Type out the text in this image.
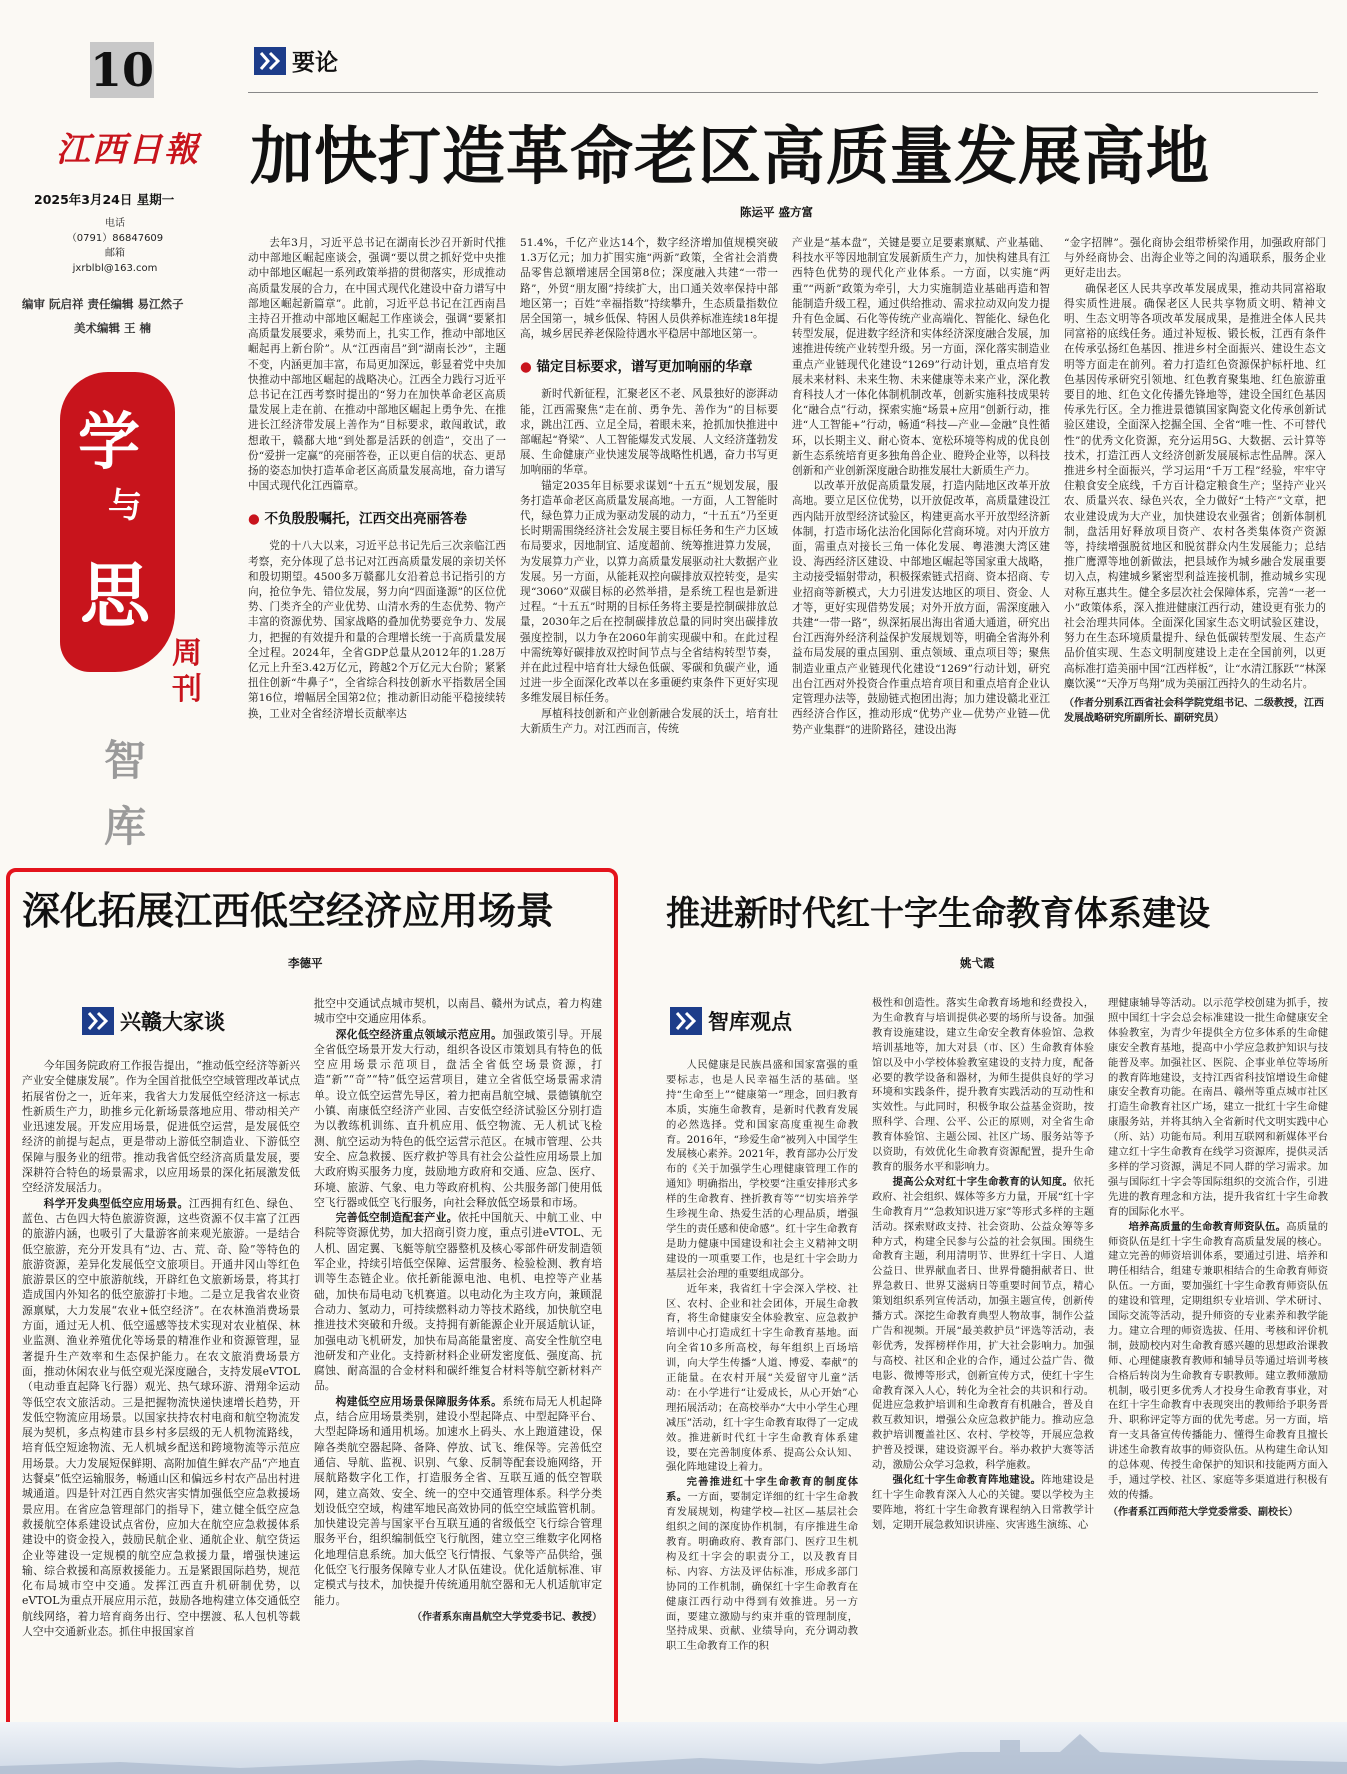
10
江西日報
2025年3月24日 星期一
电话
（0791）86847609
邮箱
jxrblbl@163.com
编审 阮启祥 责任编辑 易江然子
美术编辑 王 楠
学
与
思
周
刊
智
库
要论
加快打造革命老区高质量发展高地
陈运平 盛方富

去年3月，习近平总书记在湖南长沙召开新时代推动中部地区崛起座谈会，强调“要以贯之抓好党中央推动中部地区崛起一系列政策举措的贯彻落实，形成推动高质量发展的合力，在中国式现代化建设中奋力谱写中部地区崛起新篇章”。此前，习近平总书记在江西南昌主持召开推动中部地区崛起工作座谈会，强调“要紧扣高质量发展要求，乘势而上，扎实工作，推动中部地区崛起再上新台阶”。从“江西南昌”到“湖南长沙”，主题不变，内涵更加丰富，布局更加深远，彰显着党中央加快推动中部地区崛起的战略决心。江西全力践行习近平总书记在江西考察时提出的“努力在加快革命老区高质量发展上走在前、在推动中部地区崛起上勇争先、在推进长江经济带发展上善作为”目标要求，敢闯敢试，敢想敢干，赣鄱大地“到处都是活跃的创造”，交出了一份“爱拼一定赢”的亮丽答卷，正以更自信的状态、更昂扬的姿态加快打造革命老区高质量发展高地，奋力谱写中国式现代化江西篇章。

● 不负殷殷嘱托，江西交出亮丽答卷

党的十八大以来，习近平总书记先后三次亲临江西考察，充分体现了总书记对江西高质量发展的亲切关怀和殷切期望。4500多万赣鄱儿女沿着总书记指引的方向，抢位争先、错位发展，努力向“四面逢源”的区位优势、门类齐全的产业优势、山清水秀的生态优势、物产丰富的资源优势、国家战略的叠加优势要竞争力、发展力，把握的有效提升和量的合理增长统一于高质量发展全过程。2024年，全省GDP总量从2012年的1.28万亿元上升至3.42万亿元，跨越2个万亿元大台阶；紧紧扭住创新“牛鼻子”，全省综合科技创新水平指数居全国第16位，增幅居全国第2位；推动新旧动能平稳接续转换，工业对全省经济增长贡献率达

51.4%，千亿产业达14个，数字经济增加值规模突破1.3万亿元；加力扩围实施“两新”政策，全省社会消费品零售总额增速居全国第8位；深度融入共建“一带一路”，外贸“朋友圈”持续扩大，出口通关效率保持中部地区第一；百姓“幸福指数”持续攀升，生态质量指数位居全国第一，城乡低保、特困人员供养标准连续18年提高，城乡居民养老保险待遇水平稳居中部地区第一。

● 锚定目标要求，谱写更加响丽的华章

新时代新征程，汇聚老区不老、风景独好的澎湃动能，江西需聚焦“走在前、勇争先、善作为”的目标要求，跳出江西、立足全局，着眼未来，抢抓加快推进中部崛起“脊梁”、人工智能爆发式发展、人文经济蓬勃发展、生命健康产业快速发展等战略性机遇，奋力书写更加响丽的华章。
锚定2035年目标要求谋划“十五五”规划发展，服务打造革命老区高质量发展高地。一方面，人工智能时代，绿色算力正成为驱动发展的动力，“十五五”乃至更长时期需围绕经济社会发展主要目标任务和生产力区域布局要求，因地制宜、适度超前、统筹推进算力发展，为发展算力产业，以算力高质量发展驱动社大数据产业发展。另一方面，从能耗双控向碳排放双控转变，是实现“3060”双碳目标的必然举措，是系统工程也是新进过程。“十五五”时期的目标任务将主要是控制碳排放总量，2030年之后在控制碳排放总量的同时突出碳排放强度控制，以力争在2060年前实现碳中和。在此过程中需统筹好碳排放双控时间节点与全省结构转型节奏，并在此过程中培育壮大绿色低碳、零碳和负碳产业，通过进一步全面深化改革以在多重硬约束条件下更好实现多维发展目标任务。
厚植科技创新和产业创新融合发展的沃土，培育壮大新质生产力。对江西而言，传统

产业是“基本盘”，关键是要立足要素禀赋、产业基础、科技水平等因地制宜发展新质生产力，加快构建具有江西特色优势的现代化产业体系。一方面，以实施“两重”“两新”政策为牵引，大力实施制造业基础再造和智能制造升级工程，通过供给推动、需求拉动双向发力提升有色金属、石化等传统产业高端化、智能化、绿色化转型发展，促进数字经济和实体经济深度融合发展，加速推进传统产业转型升级。另一方面，深化落实制造业重点产业链现代化建设“1269”行动计划，重点培育发展未来材料、未来生物、未来健康等未来产业，深化教育科技人才一体化体制机制改革，创新实施科技成果转化“融合点”行动，探索实施“场景+应用”创新行动，推进“人工智能+”行动，畅通“科技—产业—金融”良性循环，以长期主义、耐心资本、宽松环境等构成的优良创新生态系统培育更多独角兽企业、瞪羚企业等，以科技创新和产业创新深度融合助推发展壮大新质生产力。
以改革开放促高质量发展，打造内陆地区改革开放高地。要立足区位优势，以开放促改革，高质量建设江西内陆开放型经济试验区，构建更高水平开放型经济新体制，打造市场化法治化国际化营商环境。对内开放方面，需重点对接长三角一体化发展、粤港澳大湾区建设、海西经济区建设、中部地区崛起等国家重大战略，主动接受辐射带动，积极探索链式招商、资本招商、专业招商等新模式，大力引进发达地区的项目、资金、人才等，更好实现借势发展；对外开放方面，需深度融入共建“一带一路”，纵深拓展出海出省通大通道，研究出台江西海外经济利益保护发展规划等，明确全省海外利益布局发展的重点国别、重点领域、重点项目等；聚焦制造业重点产业链现代化建设“1269”行动计划，研究出台江西对外投资合作重点培育项目和重点培育企业认定管理办法等，鼓励链式抱团出海；加力建设赣北亚江西经济合作区，推动形成“优势产业—优势产业链—优势产业集群”的进阶路径，建设出海

“金字招牌”。强化商协会组带桥梁作用，加强政府部门与外经商协会、出海企业等之间的沟通联系，服务企业更好走出去。
确保老区人民共享改革发展成果，推动共同富裕取得实质性进展。确保老区人民共享物质文明、精神文明、生态文明等各项改革发展成果，是推进全体人民共同富裕的底线任务。通过补短板、锻长板，江西有条件在传承弘扬红色基因、推进乡村全面振兴、建设生态文明等方面走在前列。着力打造红色资源保护标杆地、红色基因传承研究引领地、红色教育聚集地、红色旅游重要目的地、红色文化传播先锋地等，建设全国红色基因传承先行区。全力推进景德镇国家陶瓷文化传承创新试验区建设，全面深入挖掘全国、全省“唯一性、不可替代性”的优秀文化资源，充分运用5G、大数据、云计算等技术，打造江西人文经济创新发展展标志性品牌。深入推进乡村全面振兴，学习运用“千万工程”经验，牢牢守住粮食安全底线，千方百计稳定粮食生产；坚持产业兴农、质量兴农、绿色兴农，全力做好“土特产”文章，把农业建设成为大产业，加快建设农业强省；创新体制机制，盘活用好释放项目资产、农村各类集体资产资源等，持续增强脱贫地区和脱贫群众内生发展能力；总结推广鹰潭等地创新做法，把县域作为城乡融合发展重要切入点，构建城乡紧密型利益连接机制，推动城乡实现对称互惠共生。健全多层次社会保障体系，完善“一老一小”政策体系，深入推进健康江西行动，建设更有张力的社会治理共同体。全面深化国家生态文明试验区建设，努力在生态环境质量提升、绿色低碳转型发展、生态产品价值实现、生态文明制度建设上走在全国前列，以更高标准打造美丽中国“江西样板”，让“水清江豚跃”“林深麋饮溪”“天净万鸟翔”成为美丽江西持久的生动名片。

（作者分别系江西省社会科学院党组书记、二级教授，江西发展战略研究所副所长、副研究员）
深化拓展江西低空经济应用场景
李德平
兴赣大家谈

今年国务院政府工作报告提出，“推动低空经济等新兴产业安全健康发展”。作为全国首批低空空域管理改革试点拓展省份之一，近年来，我省大力发展低空经济这一标志性新质生产力，助推乡元化新场景落地应用、带动相关产业迅速发展。开发应用场景，促进低空运营，是发展低空经济的前提与起点，更是带动上游低空制造业、下游低空保障与服务业的纽带。推动我省低空经济高质量发展，要深耕符合特色的场景需求，以应用场景的深化拓展激发低空经济发展活力。

科学开发典型低空应用场景。江西拥有红色、绿色、蓝色、古色四大特色旅游资源，这些资源不仅丰富了江西的旅游内涵，也吸引了大量游客前来观光旅游。一是结合低空旅游，充分开发具有“边、古、荒、奇、险”等特色的旅游资源，差异化发展低空文旅项目。开通井冈山等红色旅游景区的空中旅游航线，开辟红色文旅新场景，将其打造成国内外知名的低空旅游打卡地。二是立足我省农业资源禀赋，大力发展“农业+低空经济”。在农林渔消费场景方面，通过无人机、低空遥感等技术实现对农业植保、林业监测、渔业养殖优化等场景的精准作业和资源管理，显著提升生产效率和生态保护能力。在农文旅消费场景方面，推动休闲农业与低空观光深度融合，支持发展eVTOL（电动垂直起降飞行器）观光、热气球环游、滑翔伞运动等低空农文旅活动。三是把握物流快递快速增长趋势，开发低空物流应用场景。以国家扶持农村电商和航空物流发展为契机，多点构建市县乡村多层级的无人机物流路线，培育低空短途物流、无人机城乡配送和跨境物流等示范应用场景。大力发展短保鲜期、高附加值生鲜农产品“产地直达餐桌”低空运输服务，畅通山区和偏远乡村农产品出村进城通道。四是针对江西自然灾害实情加强低空应急救援场景应用。在省应急管理部门的指导下，建立健全低空应急救援航空体系建设试点省份，应加大在航空应急救援体系建设中的资金投入，鼓励民航企业、通航企业、航空货运企业等建设一定规模的航空应急救援力量，增强快速运输、综合救援和高原救援能力。五是紧跟国际趋势，规范化布局城市空中交通。发挥江西直升机研制优势，以eVTOL为重点开展应用示范，鼓励各地构建立体交通低空航线网络，着力培育商务出行、空中摆渡、私人包机等载人空中交通新业态。抓住申报国家首

批空中交通试点城市契机，以南昌、赣州为试点，着力构建城市空中交通应用体系。

深化低空经济重点领域示范应用。加强政策引导。开展全省低空场景开发大行动，组织各设区市策划具有特色的低空应用场景示范项目，盘活全省低空场景资源，打造“新”“奇”“特”低空运营项目，建立全省低空场景需求清单。设立低空运营先导区，着力把南昌航空城、景德镇航空小镇、南康低空经济产业园、吉安低空经济试验区分别打造为以教练机训练、直升机应用、低空物流、无人机试飞检测、航空运动为特色的低空运营示范区。在城市管理、公共安全、应急救援、医疗救护等具有社会公益性应用场景上加大政府购买服务力度，鼓励地方政府和交通、应急、医疗、环境、旅游、气象、电力等政府机构、公共服务部门使用低空飞行器或低空飞行服务，向社会释放低空场景和市场。

完善低空制造配套产业。依托中国航天、中航工业、中科院等资源优势，加大招商引资力度，重点引进eVTOL、无人机、固定翼、飞艇等航空器整机及核心零部件研发制造领军企业，持续引培低空保障、运营服务、检验检测、教育培训等生态链企业。依托新能源电池、电机、电控等产业基础，加快布局电动飞机赛道。以电动化为主攻方向，兼顾混合动力、氢动力，可持续燃料动力等技术路线，加快航空电推进技术突破和升级。支持拥有新能源企业开展适航认证，加强电动飞机研发，加快布局高能量密度、高安全性航空电池研发和产业化。支持新材料企业研发密度低、强度高、抗腐蚀、耐高温的合金材料和碳纤维复合材料等航空新材料产品。

构建低空应用场景保障服务体系。系统布局无人机起降点，结合应用场景类别，建设小型起降点、中型起降平台、大型起降场和通用机场。加速水上码头、水上跑道建设，保障各类航空器起降、备降、停放、试飞、维保等。完善低空通信、导航、监视、识别、气象、反制等配套设施网络，开展航路数字化工作，打造服务全省、互联互通的低空智联网，建立高效、安全、统一的空中交通管理体系。科学分类划设低空空域，构建军地民高效协同的低空空域监管机制。加快建设完善与国家平台互联互通的省级低空飞行综合管理服务平台，组织编制低空飞行航图，建立空三维数字化网格化地理信息系统。加大低空飞行情报、气象等产品供给，强化低空飞行服务保障专业人才队伍建设。优化适航标准、审定模式与技术，加快提升传统通用航空器和无人机适航审定能力。

（作者系东南昌航空大学党委书记、教授）
推进新时代红十字生命教育体系建设
姚弋霞
智库观点

人民健康是民族昌盛和国家富强的重要标志，也是人民幸福生活的基础。坚持“生命至上”“健康第一”理念，回归教育本质，实施生命教育，是新时代教育发展的必然选择。党和国家高度重视生命教育。2016年，“珍爱生命”被列入中国学生发展核心素养。2021年，教育部办公厅发布的《关于加强学生心理健康管理工作的通知》明确指出，学校要“注重安排形式多样的生命教育、挫折教育等”“切实培养学生珍视生命、热爱生活的心理品质，增强学生的责任感和使命感”。红十字生命教育是助力健康中国建设和社会主义精神文明建设的一项重要工作，也是红十字会助力基层社会治理的重要组成部分。
近年来，我省红十字会深入学校、社区、农村、企业和社会团体，开展生命教育，将生命健康安全体验教室、应急救护培训中心打造成红十字生命教育基地。面向全省10多所高校，每年组织上百场培训，向大学生传播“人道、博爱、奉献”的正能量。在农村开展“关爱留守儿童”活动：在小学进行“让爱成长，从心开始”心理拓展活动；在高校举办“大中小学生心理减压”活动，红十字生命教育取得了一定成效。推进新时代红十字生命教育体系建设，要在完善制度体系、提高公众认知、强化阵地建设上着力。

完善推进红十字生命教育的制度体系。一方面，要制定详细的红十字生命教育发展规划，构建学校—社区—基层社会组织之间的深度协作机制，有序推进生命教育。明确政府、教育部门、医疗卫生机构及红十字会的职责分工，以及教育目标、内容、方法及评估标准，形成多部门协同的工作机制，确保红十字生命教育在健康江西行动中得到有效推进。另一方面，要建立激励与约束并重的管理制度，坚持成果、贡献、业绩导向，充分调动教职工生命教育工作的积

极性和创造性。落实生命教育场地和经费投入，为生命教育与培训提供必要的场所与设备。加强教育设施建设，建立生命安全教育体验馆、急救培训基地等，加大对县（市、区）生命教育体验馆以及中小学校体验教室建设的支持力度，配备必要的教学设备和器材，为师生提供良好的学习环境和实践条件，提升教育实践活动的互动性和实效性。与此同时，积极争取公益基金资助，按照科学、合理、公平、公正的原则，对全省生命教育体验馆、主题公园、社区广场、服务站等予以资助，有效优化生命教育资源配置，提升生命教育的服务水平和影响力。

提高公众对红十字生命教育的认知度。依托政府、社会组织、媒体等多方力量，开展“红十字生命教育月”“急救知识进万家”等形式多样的主题活动。探索财政支持、社会资助、公益众筹等多种方式，构建全民参与公益的社会氛围。围绕生命教育主题，利用清明节、世界红十字日、人道公益日、世界献血者日、世界骨髓捐献者日、世界急救日、世界艾滋病日等重要时间节点，精心策划组织系列宣传活动，加强主题宣传，创新传播方式。深挖生命教育典型人物故事，制作公益广告和视频。开展“最美救护员”评选等活动，表彰优秀，发挥榜样作用，扩大社会影响力。加强与高校、社区和企业的合作，通过公益广告、微电影、微博等形式，创新宣传方式，使红十字生命教育深入人心，转化为全社会的共识和行动。促进应急救护培训和生命教育有机融合，普及自救互救知识，增强公众应急救护能力。推动应急救护培训覆盖社区、农村、学校等，开展应急救护普及授课，建设资源平台。举办救护大赛等活动，激励公众学习急救，科学施救。

强化红十字生命教育阵地建设。阵地建设是红十字生命教育深入人心的关键。要以学校为主要阵地，将红十字生命教育课程纳入日常教学计划，定期开展急救知识讲座、灾害逃生演练、心

理健康辅导等活动。以示范学校创建为抓手，按照中国红十字会总会标准建设一批生命健康安全体验教室，为青少年提供全方位多体系的生命健康安全教育基地，提高中小学应急救护知识与技能普及率。加强社区、医院、企事业单位等场所的教育阵地建设，支持江西省科技馆增设生命健康安全教育功能。在南昌、赣州等重点城市社区打造生命教育社区广场，建立一批红十字生命健康服务站，并将其纳入全省新时代文明实践中心（所、站）功能布局。利用互联网和新媒体平台建立红十字生命教育在线学习资源库，提供灵活多样的学习资源，满足不同人群的学习需求。加强与国际红十字会等国际组织的交流合作，引进先进的教育理念和方法，提升我省红十字生命教育的国际化水平。

培养高质量的生命教育师资队伍。高质量的师资队伍是红十字生命教育高质量发展的核心。建立完善的师资培训体系，要通过引进、培养和聘任相结合，组建专兼职相结合的生命教育师资队伍。一方面，要加强红十字生命教育师资队伍的建设和管理，定期组织专业培训、学术研讨、国际交流等活动，提升师资的专业素养和教学能力。建立合理的师资选拔、任用、考核和评价机制，鼓励校内对生命教育感兴趣的思想政治课教师、心理健康教育教师和辅导员等通过培训考核合格后转岗为生命教育专职教师。建立教师激励机制，吸引更多优秀人才投身生命教育事业，对在红十字生命教育中表现突出的教师给予职务晋升、职称评定等方面的优先考虑。另一方面，培育一支具备宣传传播能力、懂得生命教育且擅长讲述生命教育故事的师资队伍。从构建生命认知的总体观、传授生命保护的知识和技能两方面入手，通过学校、社区、家庭等多渠道进行积极有效的传播。

（作者系江西师范大学党委常委、副校长）
